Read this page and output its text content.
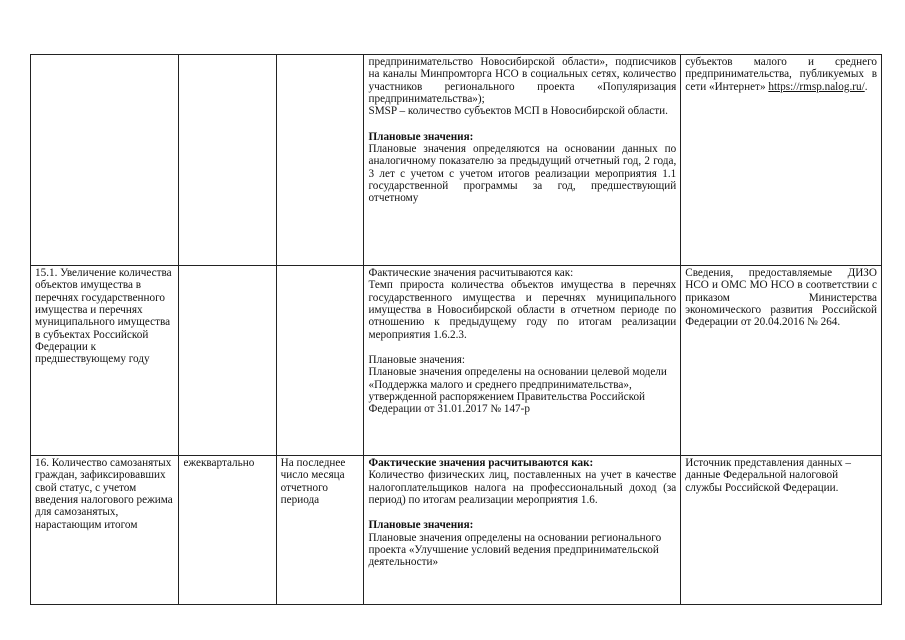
			предпринимательство Новосибирской области», подписчиков на каналы Минпромторга НСО в социальных сетях, количество участников регионального проекта «Популяризация предпринимательства»);

SMSP – количество субъектов МСП в Новосибирской области.

Плановые значения:

Плановые значения определяются на основании данных по аналогичному показателю за предыдущий отчетный год, 2 года, 3 лет с учетом с учетом итогов реализации мероприятия 1.1 государственной программы за год, предшествующий отчетному	субъектов малого и среднего предпринимательства, публикуемых в сети «Интернет» https://rmsp.nalog.ru/.

15.1. Увеличение количества объектов имущества в перечнях государственного имущества и перечнях муниципального имущества в субъектах Российской Федерации к предшествующему году			Фактические значения расчитываются как:

Темп прироста количества объектов имущества в перечнях государственного имущества и перечнях муниципального имущества в Новосибирской области в отчетном периоде по отношению к предыдущему году по итогам реализации мероприятия 1.6.2.3.

Плановые значения:

Плановые значения определены на основании целевой модели «Поддержка малого и среднего предпринимательства», утвержденной распоряжением Правительства Российской Федерации от 31.01.2017 № 147-р	Сведения, предоставляемые ДИЗО НСО и ОМС МО НСО в соответствии с приказом Министерства экономического развития Российской Федерации от 20.04.2016 № 264.
16. Количество самозанятых граждан, зафиксировавших свой статус, с учетом введения налогового режима для самозанятых, нарастающим итогом	ежеквартально	На последнее число месяца отчетного периода	Фактические значения расчитываются как:

Количество физических лиц, поставленных на учет в качестве налогоплательщиков налога на профессиональный доход (за период) по итогам реализации мероприятия 1.6.

Плановые значения:

Плановые значения определены на основании регионального проекта «Улучшение условий ведения предпринимательской деятельности»	Источник представления данных – данные Федеральной налоговой службы Российской Федерации.
